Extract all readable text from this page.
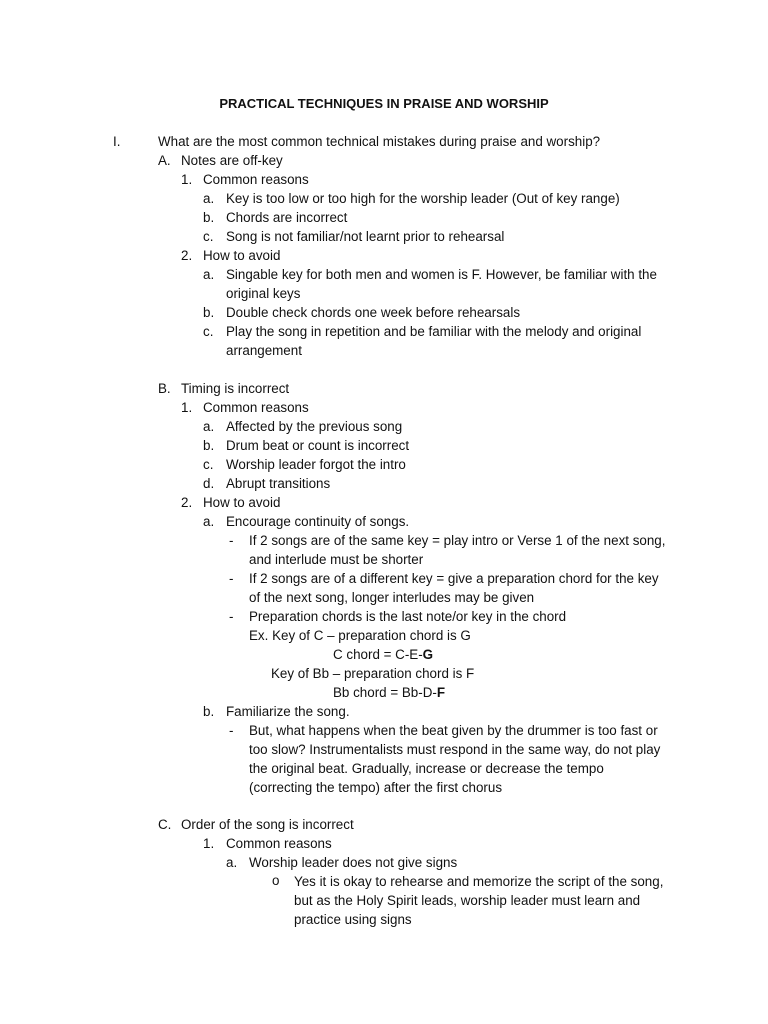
PRACTICAL TECHNIQUES IN PRAISE AND WORSHIP
I.	What are the most common technical mistakes during praise and worship?
A. Notes are off-key
1. Common reasons
a. Key is too low or too high for the worship leader (Out of key range)
b. Chords are incorrect
c. Song is not familiar/not learnt prior to rehearsal
2. How to avoid
a. Singable key for both men and women is F. However, be familiar with the
original keys
b. Double check chords one week before rehearsals
c. Play the song in repetition and be familiar with the melody and original
arrangement
B. Timing is incorrect
1. Common reasons
a. Affected by the previous song
b. Drum beat or count is incorrect
c. Worship leader forgot the intro
d. Abrupt transitions
2. How to avoid
a. Encourage continuity of songs.
- If 2 songs are of the same key = play intro or Verse 1 of the next song,
and interlude must be shorter
- If 2 songs are of a different key = give a preparation chord for the key
of the next song, longer interludes may be given
- Preparation chords is the last note/or key in the chord
Ex. Key of C – preparation chord is G
C chord = C-E-G
Key of Bb – preparation chord is F
Bb chord = Bb-D-F
b. Familiarize the song.
- But, what happens when the beat given by the drummer is too fast or
too slow? Instrumentalists must respond in the same way, do not play
the original beat. Gradually, increase or decrease the tempo
(correcting the tempo) after the first chorus
C. Order of the song is incorrect
1. Common reasons
a. Worship leader does not give signs
o Yes it is okay to rehearse and memorize the script of the song,
but as the Holy Spirit leads, worship leader must learn and
practice using signs
